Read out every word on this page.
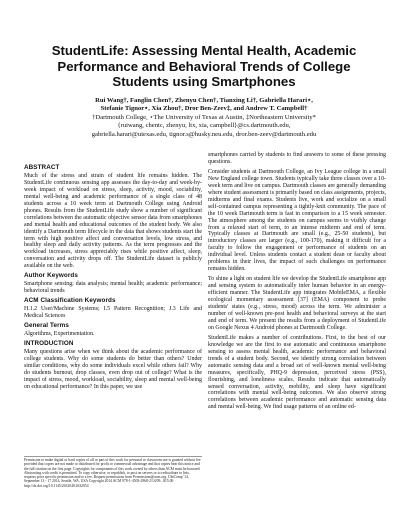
StudentLife: Assessing Mental Health, Academic Performance and Behavioral Trends of College Students using Smartphones
Rui Wang†, Fanglin Chen†, Zhenyu Chen†, Tianxing Li†, Gabriella Harari⋆,
Stefanie Tignor⋆, Xia Zhou†, Dror Ben-Zeev‡, and Andrew T. Campbell†
†Dartmouth College, ⋆The University of Texas at Austin, ‡Northeastern University*
{ruiwang, chentc, zhenyu, ltx, xia, campbell}@cs.dartmouth.edu,
gabriella.harari@utexas.edu, tignor.s@husky.neu.edu, dror.ben-zeev@dartmouth.edu
ABSTRACT

Much of the stress and strain of student life remains hidden. The StudentLife continuous sensing app assesses the day-to-day and week-by-week impact of workload on stress, sleep, activity, mood, sociability, mental well-being and academic performance of a single class of 48 students across a 10 week term at Dartmouth College using Android phones. Results from the StudentLife study show a number of significant correlations between the automatic objective sensor data from smartphones and mental health and educational outcomes of the student body. We also identify a Dartmouth term lifecycle in the data that shows students start the term with high positive affect and conversation levels, low stress, and healthy sleep and daily activity patterns. As the term progresses and the workload increases, stress appreciably rises while positive affect, sleep, conversation and activity drops off. The StudentLife dataset is publicly available on the web.

Author Keywords

Smartphone sensing; data analysis; mental health; academic performance; behavioral trends

ACM Classification Keywords

H.1.2 User/Machine Systems; I.5 Pattern Recognition; J.3 Life and Medical Sciences

General Terms

Algorithms, Experimentation.

INTRODUCTION

Many questions arise when we think about the academic performance of college students. Why do some students do better than others? Under similar conditions, why do some individuals excel while others fail? Why do students burnout, drop classes, even drop out of college? What is the impact of stress, mood, workload, sociability, sleep and mental well-being on educational performance? In this paper, we use

Permission to make digital or hard copies of all or part of this work for personal or classroom use is granted without fee provided that copies are not made or distributed for profit or commercial advantage and that copies bear this notice and the full citation on the first page. Copyrights for components of this work owned by others than ACM must be honored. Abstracting with credit is permitted. To copy otherwise, or republish, to post on servers or to redistribute to lists, requires prior specific permission and/or a fee. Request permissions from Permissions@acm.org. UbiComp '14, September 13 - 17 2014, Seattle, WA, USA Copyright 2014 ACM 978-1-4503-2968-2/14/09...$15.00. http://dx.doi.org/10.1145/2632048.2632054

smartphones carried by students to find answers to some of these pressing questions.

Consider students at Dartmouth College, an Ivy League college in a small New England college town. Students typically take three classes over a 10-week term and live on campus. Dartmouth classes are generally demanding where student assessment is primarily based on class assignments, projects, midterms and final exams. Students live, work and socialize on a small self-contained campus representing a tightly-knit community. The pace of the 10 week Dartmouth term is fast in comparison to a 15 week semester. The atmosphere among the students on campus seems to visibly change from a relaxed start of term, to an intense midterm and end of term. Typically classes at Dartmouth are small (e.g., 25-50 students), but introductory classes are larger (e.g., 100-170), making it difficult for a faculty to follow the engagement or performance of students on an individual level. Unless students contact a student dean or faculty about problems in their lives, the impact of such challenges on performance remains hidden.

To shine a light on student life we develop the StudentLife smartphone app and sensing system to automatically infer human behavior in an energy-efficient manner. The StudentLife app integrates MobileEMA, a flexible ecological momentary assessment [37] (EMA) component to probe students' states (e.g., stress, mood) across the term. We administer a number of well-known pre-post health and behavioral surveys at the start and end of term. We present the results from a deployment of StudentLife on Google Nexus 4 Android phones at Dartmouth College.

StudentLife makes a number of contributions. First, to the best of our knowledge we are the first to use automatic and continuous smartphone sensing to assess mental health, academic performance and behavioral trends of a student body. Second, we identify strong correlation between automatic sensing data and a broad set of well-known mental well-being measures, specifically, PHQ-9 depression, perceived stress (PSS), flourishing, and loneliness scales. Results indicate that automatically sensed conversation, activity, mobility, and sleep have significant correlations with mental well-being outcomes. We also observe strong correlations between academic performance and automatic sensing data and mental well-being. We find usage patterns of an online ed-
